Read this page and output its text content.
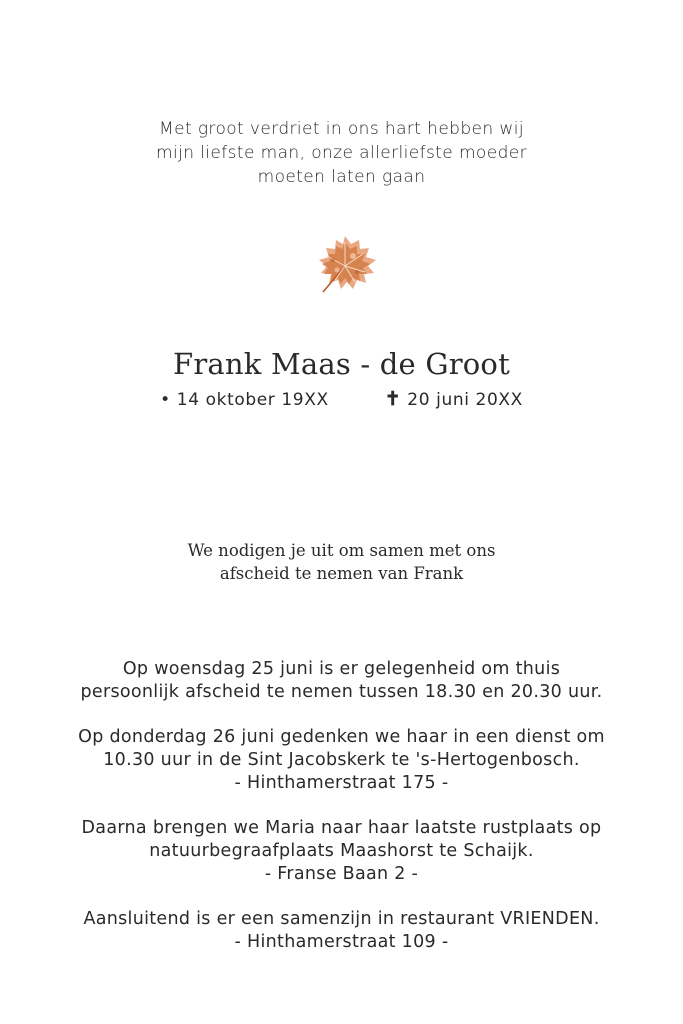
Met groot verdriet in ons hart hebben wij
mijn liefste man, onze allerliefste moeder
moeten laten gaan
Frank Maas - de Groot
• 14 oktober 19XX	✝ 20 juni 20XX
We nodigen je uit om samen met ons
afscheid te nemen van Frank
Op woensdag 25 juni is er gelegenheid om thuis
persoonlijk afscheid te nemen tussen 18.30 en 20.30 uur.
Op donderdag 26 juni gedenken we haar in een dienst om
10.30 uur in de Sint Jacobskerk te 's-Hertogenbosch.
- Hinthamerstraat 175 -
Daarna brengen we Maria naar haar laatste rustplaats op
natuurbegraafplaats Maashorst te Schaijk.
- Franse Baan 2 -
Aansluitend is er een samenzijn in restaurant VRIENDEN.
- Hinthamerstraat 109 -
